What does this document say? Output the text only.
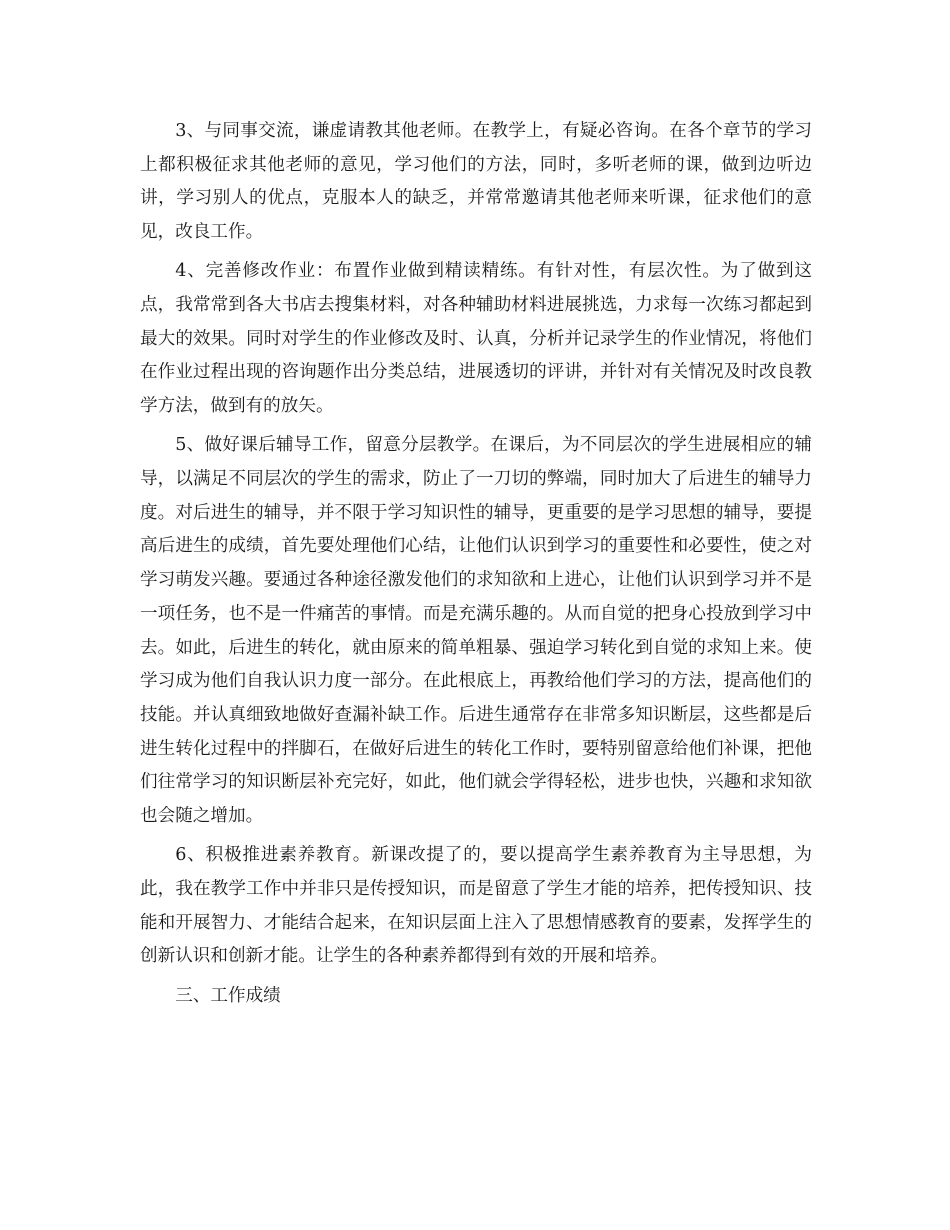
3、与同事交流，谦虚请教其他老师。在教学上，有疑必咨询。在各个章节的学习上都积极征求其他老师的意见，学习他们的方法，同时，多听老师的课，做到边听边讲，学习别人的优点，克服本人的缺乏，并常常邀请其他老师来听课，征求他们的意见，改良工作。

4、完善修改作业：布置作业做到精读精练。有针对性，有层次性。为了做到这点，我常常到各大书店去搜集材料，对各种辅助材料进展挑选，力求每一次练习都起到最大的效果。同时对学生的作业修改及时、认真，分析并记录学生的作业情况，将他们在作业过程出现的咨询题作出分类总结，进展透切的评讲，并针对有关情况及时改良教学方法，做到有的放矢。

5、做好课后辅导工作，留意分层教学。在课后，为不同层次的学生进展相应的辅导，以满足不同层次的学生的需求，防止了一刀切的弊端，同时加大了后进生的辅导力度。对后进生的辅导，并不限于学习知识性的辅导，更重要的是学习思想的辅导，要提高后进生的成绩，首先要处理他们心结，让他们认识到学习的重要性和必要性，使之对学习萌发兴趣。要通过各种途径激发他们的求知欲和上进心，让他们认识到学习并不是一项任务，也不是一件痛苦的事情。而是充满乐趣的。从而自觉的把身心投放到学习中去。如此，后进生的转化，就由原来的简单粗暴、强迫学习转化到自觉的求知上来。使学习成为他们自我认识力度一部分。在此根底上，再教给他们学习的方法，提高他们的技能。并认真细致地做好查漏补缺工作。后进生通常存在非常多知识断层，这些都是后进生转化过程中的拌脚石，在做好后进生的转化工作时，要特别留意给他们补课，把他们往常学习的知识断层补充完好，如此，他们就会学得轻松，进步也快，兴趣和求知欲也会随之增加。

6、积极推进素养教育。新课改提了的，要以提高学生素养教育为主导思想，为此，我在教学工作中并非只是传授知识，而是留意了学生才能的培养，把传授知识、技能和开展智力、才能结合起来，在知识层面上注入了思想情感教育的要素，发挥学生的创新认识和创新才能。让学生的各种素养都得到有效的开展和培养。

三、工作成绩
